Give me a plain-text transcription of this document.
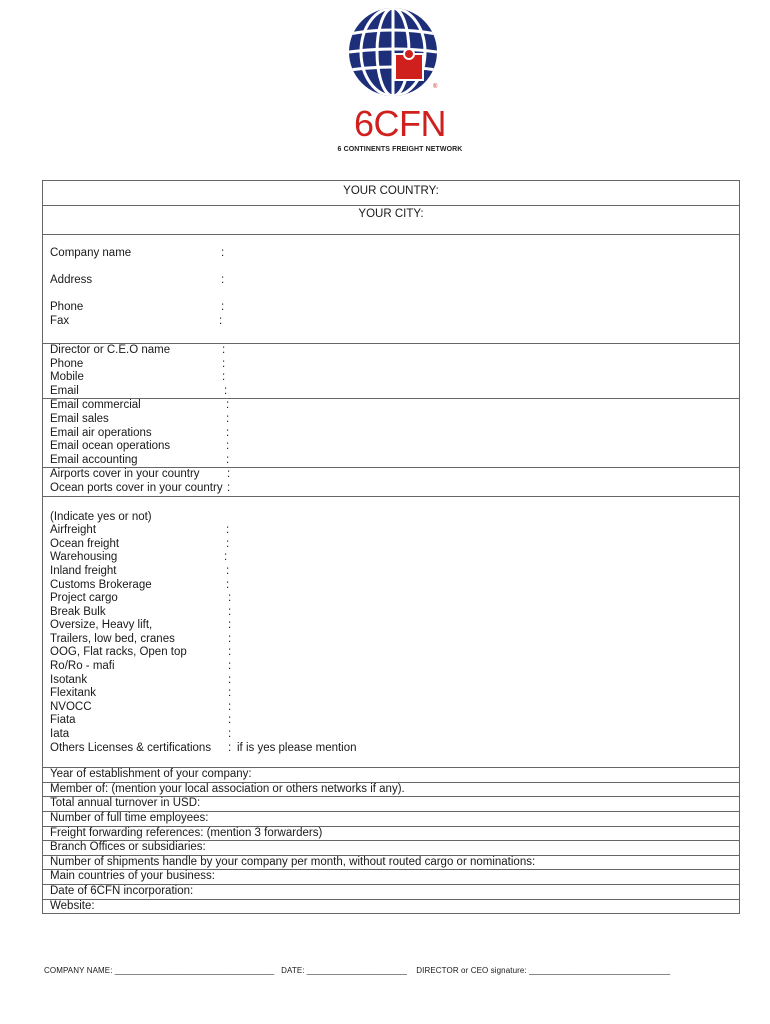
®
6CFN
6 CONTINENTS FREIGHT NETWORK
YOUR COUNTRY:
YOUR CITY:
Company name	:
Address	:
Phone	:
Fax	:
Director or C.E.O name	:
Phone	:
Mobile	:
Email	:
Email commercial	:
Email sales	:
Email air operations	:
Email ocean operations	:
Email accounting	:
Airports cover in your country :
Ocean ports cover in your country :
(Indicate yes or not)
Airfreight	:
Ocean freight	:
Warehousing	:
Inland freight	:
Customs Brokerage	:
Project cargo	:
Break Bulk	:
Oversize, Heavy lift,	:
Trailers, low bed, cranes	:
OOG, Flat racks, Open top	:
Ro/Ro - mafi	:
Isotank	:
Flexitank	:
NVOCC	:
Fiata	:
Iata	:
Others Licenses & certifications : if is yes please mention
Year of establishment of your company:
Member of: (mention your local association or others networks if any).
Total annual turnover in USD:
Number of full time employees:
Freight forwarding references: (mention 3 forwarders)
Branch Offices or subsidiaries:
Number of shipments handle by your company per month, without routed cargo or nominations:
Main countries of your business:
Date of 6CFN incorporation:
Website:
COMPANY NAME: ___________________________________ DATE: ______________________ DIRECTOR or CEO signature: _______________________________
